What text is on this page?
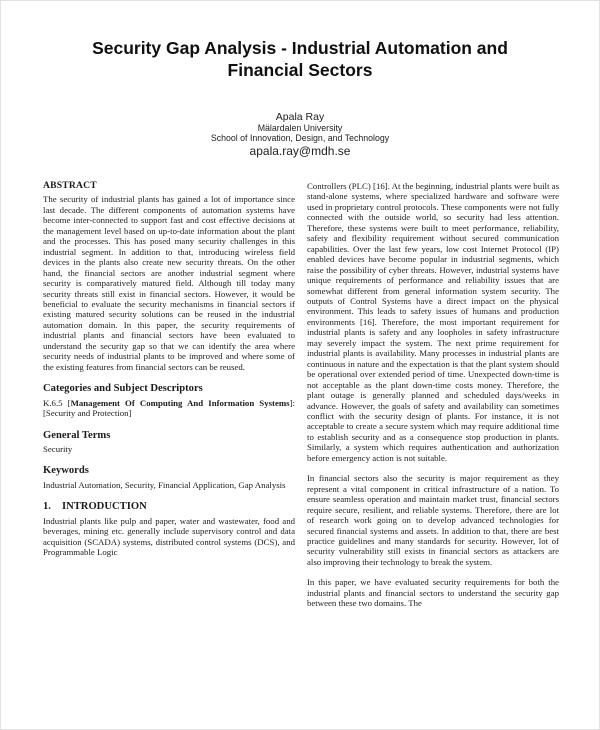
Security Gap Analysis - Industrial Automation and
Financial Sectors
Apala Ray
Mälardalen University
School of Innovation, Design, and Technology
apala.ray@mdh.se
ABSTRACT

The security of industrial plants has gained a lot of importance since last decade. The different components of automation systems have become inter-connected to support fast and cost effective decisions at the management level based on up-to-date information about the plant and the processes. This has posed many security challenges in this industrial segment. In addition to that, introducing wireless field devices in the plants also create new security threats. On the other hand, the financial sectors are another industrial segment where security is comparatively matured field. Although till today many security threats still exist in financial sectors. However, it would be beneficial to evaluate the security mechanisms in financial sectors if existing matured security solutions can be reused in the industrial automation domain. In this paper, the security requirements of industrial plants and financial sectors have been evaluated to understand the security gap so that we can identify the area where security needs of industrial plants to be improved and where some of the existing features from financial sectors can be reused.

Categories and Subject Descriptors

K.6.5 [Management Of Computing And Information Systems]: [Security and Protection]

General Terms

Security

Keywords

Industrial Automation, Security, Financial Application, Gap Analysis

1. INTRODUCTION

Industrial plants like pulp and paper, water and wastewater, food and beverages, mining etc. generally include supervisory control and data acquisition (SCADA) systems, distributed control systems (DCS), and Programmable Logic

Controllers (PLC) [16]. At the beginning, industrial plants were built as stand-alone systems, where specialized hardware and software were used in proprietary control protocols. These components were not fully connected with the outside world, so security had less attention. Therefore, these systems were built to meet performance, reliability, safety and flexibility requirement without secured communication capabilities. Over the last few years, low cost Internet Protocol (IP) enabled devices have become popular in industrial segments, which raise the possibility of cyber threats. However, industrial systems have unique requirements of performance and reliability issues that are somewhat different from general information system security. The outputs of Control Systems have a direct impact on the physical environment. This leads to safety issues of humans and production environments [16]. Therefore, the most important requirement for industrial plants is safety and any loopholes in safety infrastructure may severely impact the system. The next prime requirement for industrial plants is availability. Many processes in industrial plants are continuous in nature and the expectation is that the plant system should be operational over extended period of time. Unexpected down-time is not acceptable as the plant down-time costs money. Therefore, the plant outage is generally planned and scheduled days/weeks in advance. However, the goals of safety and availability can sometimes conflict with the security design of plants. For instance, it is not acceptable to create a secure system which may require additional time to establish security and as a consequence stop production in plants. Similarly, a system which requires authentication and authorization before emergency action is not suitable.

In financial sectors also the security is major requirement as they represent a vital component in critical infrastructure of a nation. To ensure seamless operation and maintain market trust, financial sectors require secure, resilient, and reliable systems. Therefore, there are lot of research work going on to develop advanced technologies for secured financial systems and assets. In addition to that, there are best practice guidelines and many standards for security. However, lot of security vulnerability still exists in financial sectors as attackers are also improving their technology to break the system.

In this paper, we have evaluated security requirements for both the industrial plants and financial sectors to understand the security gap between these two domains. The
